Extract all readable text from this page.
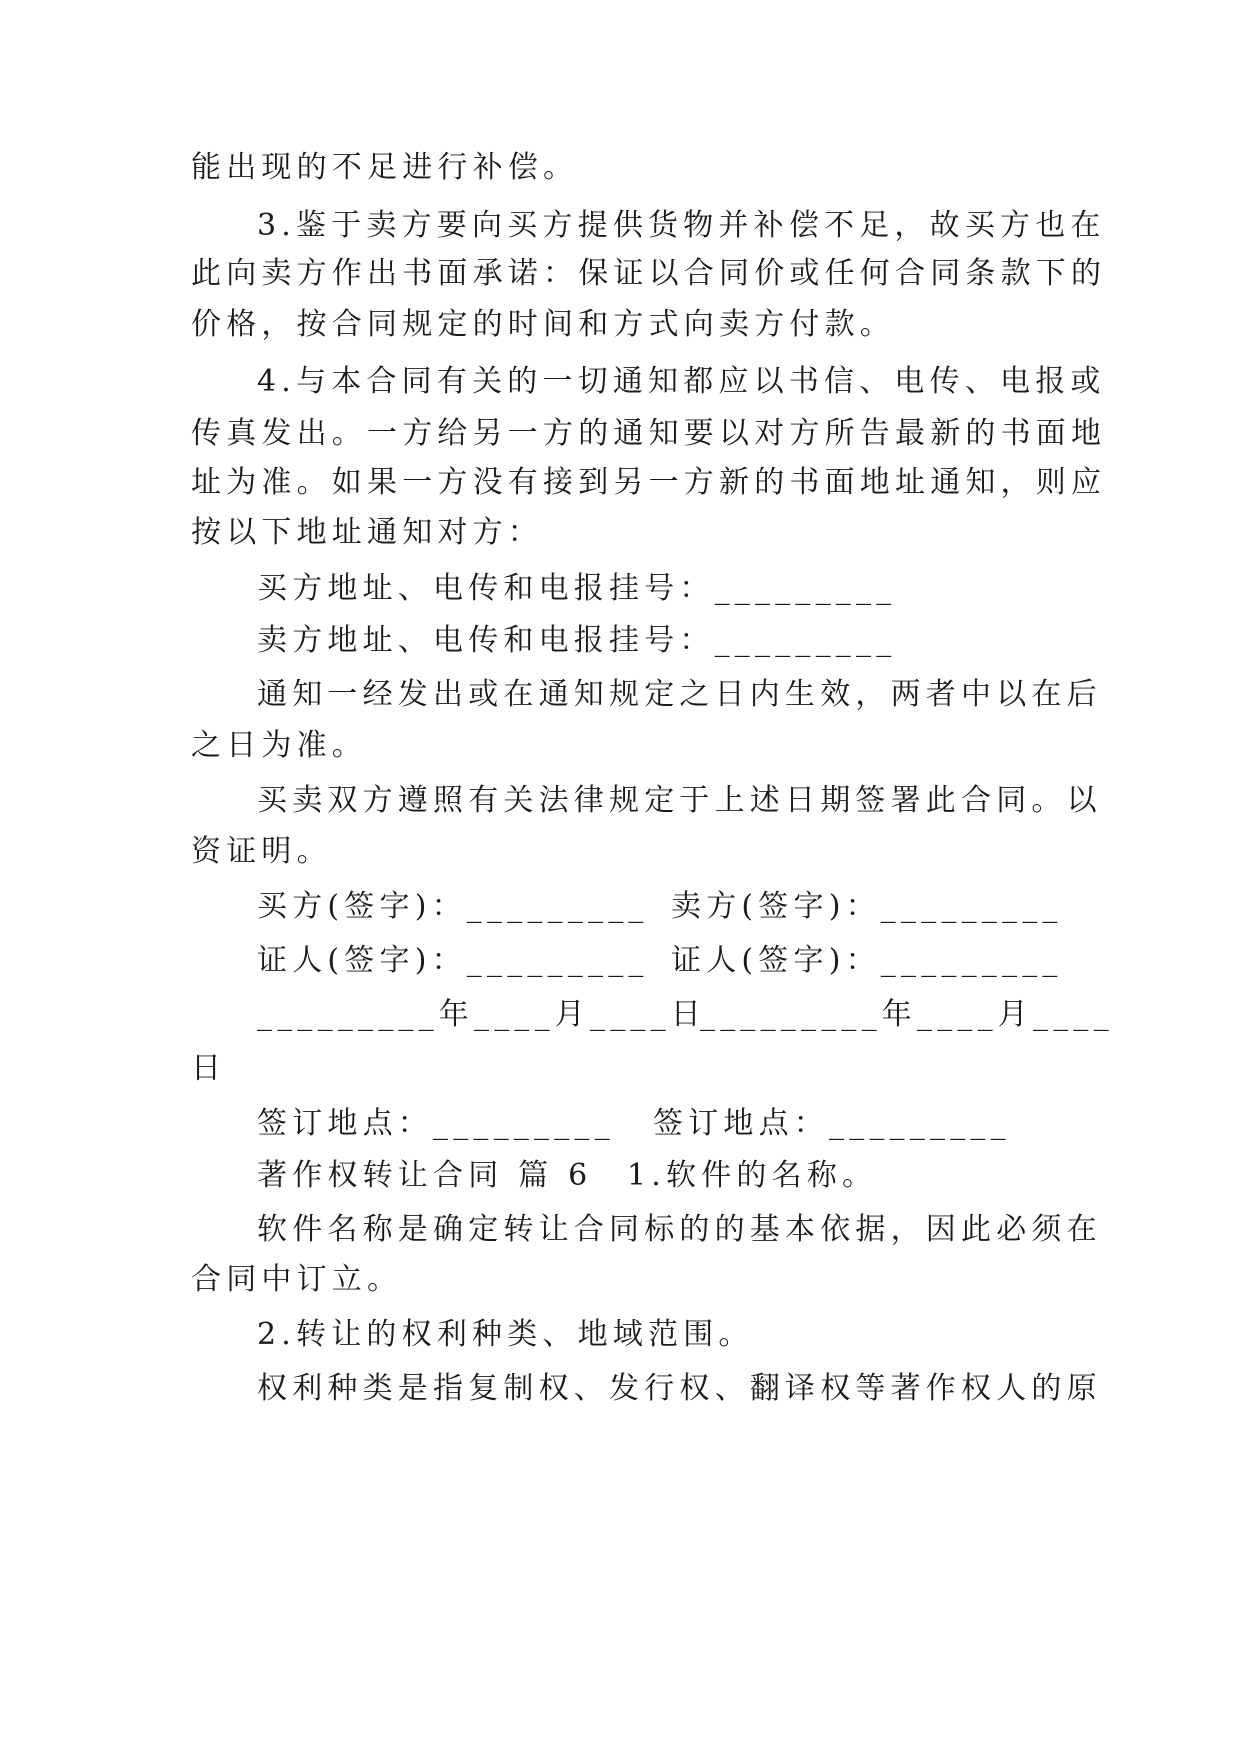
能出现的不足进行补偿。
3.鉴于卖方要向买方提供货物并补偿不足，故买方也在
此向卖方作出书面承诺：保证以合同价或任何合同条款下的
价格，按合同规定的时间和方式向卖方付款。
4.与本合同有关的一切通知都应以书信、电传、电报或
传真发出。一方给另一方的通知要以对方所告最新的书面地
址为准。如果一方没有接到另一方新的书面地址通知，则应
按以下地址通知对方：
买方地址、电传和电报挂号：_________
卖方地址、电传和电报挂号：_________
通知一经发出或在通知规定之日内生效，两者中以在后
之日为准。
买卖双方遵照有关法律规定于上述日期签署此合同。以
资证明。
买方(签字)：_________ 卖方(签字)：_________
证人(签字)：_________ 证人(签字)：_________
_________年____月____日
_________年____月____
日
签订地点：_________ 签订地点：_________
著作权转让合同 篇 6 1.软件的名称。
软件名称是确定转让合同标的的基本依据，因此必须在
合同中订立。
2.转让的权利种类、地域范围。
权利种类是指复制权、发行权、翻译权等著作权人的原
